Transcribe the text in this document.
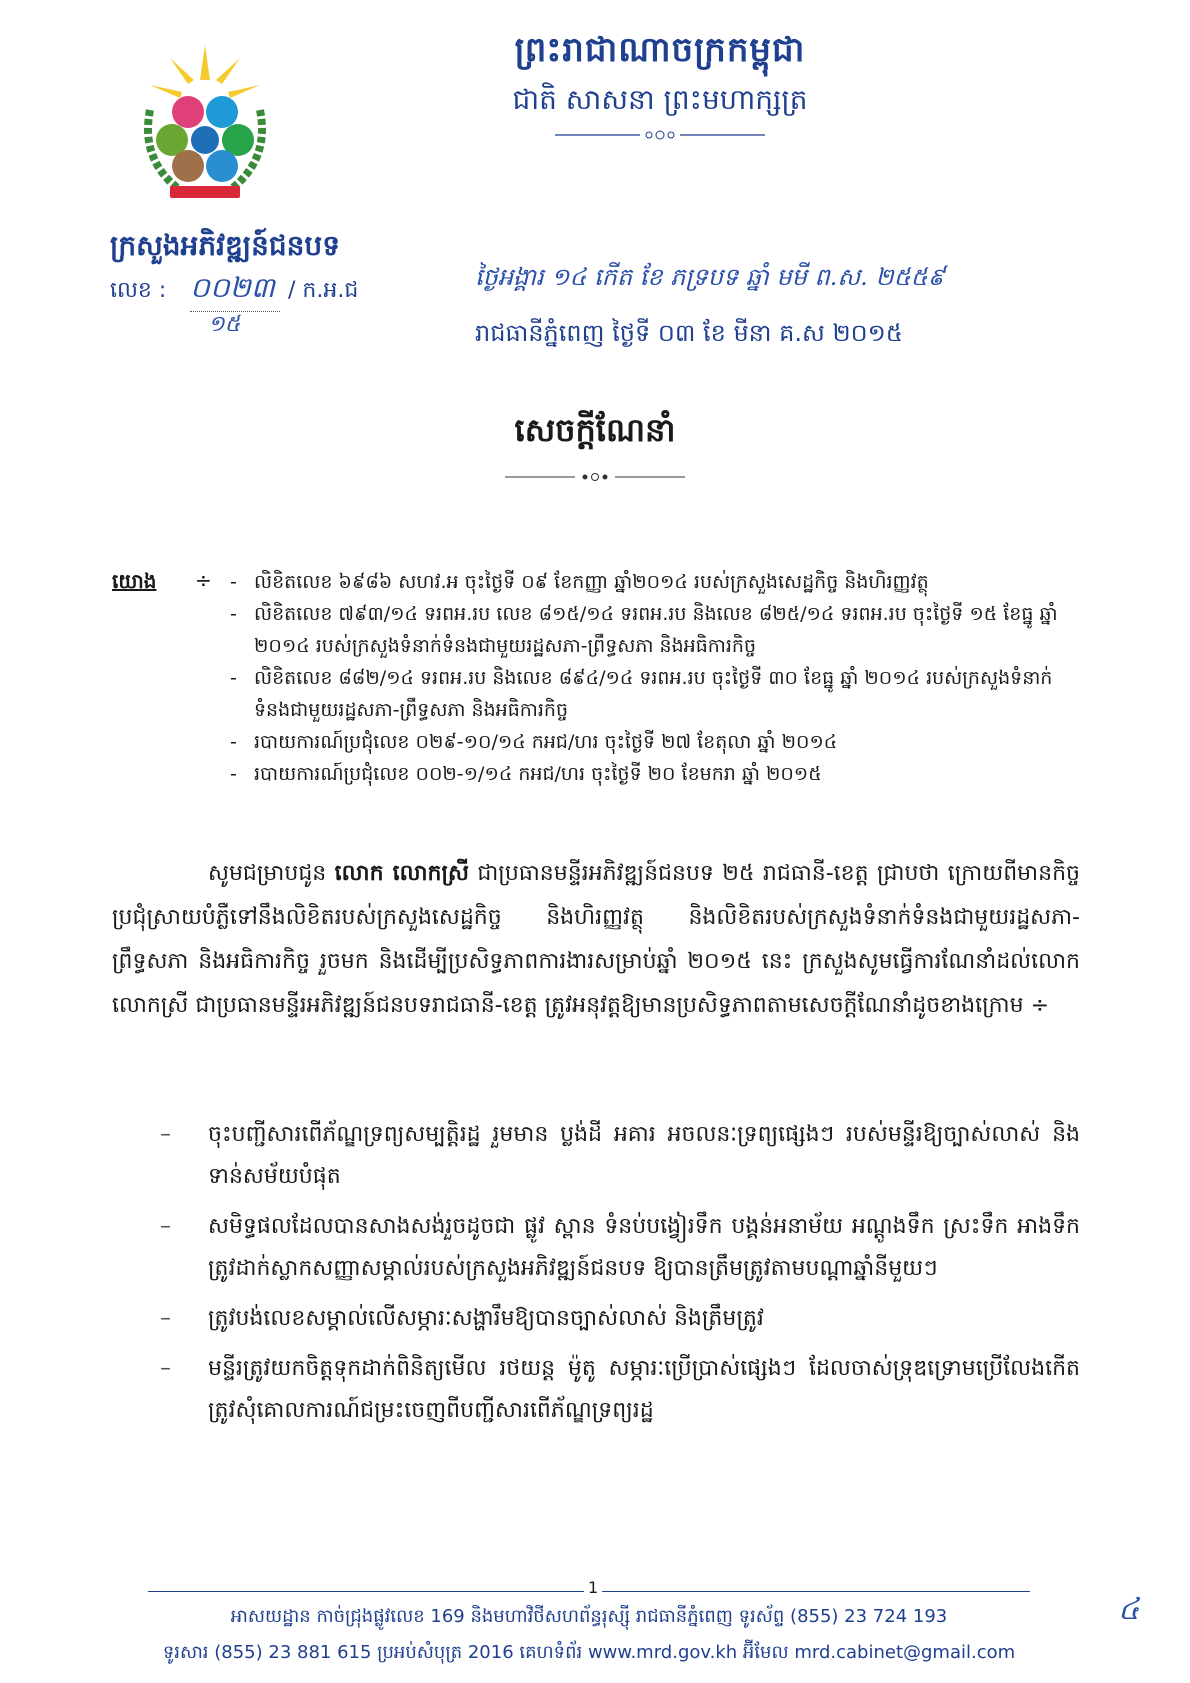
ព្រះរាជាណាចក្រកម្ពុជា
ជាតិ សាសនា ព្រះមហាក្សត្រ
ក្រសួងអភិវឌ្ឍន៍ជនបទ
លេខ : ០០២៣ / ក.អ.ជ
១៥
ថ្ងៃអង្គារ ១៤ កើត ខែ ភទ្របទ ឆ្នាំ មមី ព.ស. ២៥៥៩
រាជធានីភ្នំពេញ ថ្ងៃទី ០៣ ខែ មីនា គ.ស ២០១៥
សេចក្ដីណែនាំ
យោង ÷
-	លិខិតលេខ ៦៩៨៦ សហវ.អ ចុះថ្ងៃទី ០៩ ខែកញ្ញា ឆ្នាំ២០១៤ របស់ក្រសួងសេដ្ឋកិច្ច និងហិរញ្ញវត្ថុ
- លិខិតលេខ ៧៩៣/១៤ ទរពអ.រប លេខ ៨១៥/១៤ ទរពអ.រប និងលេខ ៨២៥/១៤ ទរពអ.រប ចុះថ្ងៃទី ១៥ ខែធ្នូ ឆ្នាំ ២០១៤ របស់ក្រសួងទំនាក់ទំនងជាមួយរដ្ឋសភា-ព្រឹទ្ធសភា និងអធិការកិច្ច
- លិខិតលេខ ៨៨២/១៤ ទរពអ.រប និងលេខ ៨៩៤/១៤ ទរពអ.រប ចុះថ្ងៃទី ៣០ ខែធ្នូ ឆ្នាំ ២០១៤ របស់ក្រសួងទំនាក់ទំនងជាមួយរដ្ឋសភា-ព្រឹទ្ធសភា និងអធិការកិច្ច
- របាយការណ៍ប្រជុំលេខ ០២៩-១០/១៤ កអជ/ហរ ចុះថ្ងៃទី ២៧ ខែតុលា ឆ្នាំ ២០១៤
- របាយការណ៍ប្រជុំលេខ ០០២-១/១៤ កអជ/ហរ ចុះថ្ងៃទី ២០ ខែមករា ឆ្នាំ ២០១៥
សូមជម្រាបជូន លោក លោកស្រី ជាប្រធានមន្ទីរអភិវឌ្ឍន៍ជនបទ ២៥ រាជធានី-ខេត្ត ជ្រាបថា ក្រោយពីមានកិច្ចប្រជុំស្រាយបំភ្លឺទៅនឹងលិខិតរបស់ក្រសួងសេដ្ឋកិច្ច និងហិរញ្ញវត្ថុ និងលិខិតរបស់ក្រសួងទំនាក់ទំនងជាមួយរដ្ឋសភា-ព្រឹទ្ធសភា និងអធិការកិច្ច រួចមក និងដើម្បីប្រសិទ្ធភាពការងារសម្រាប់ឆ្នាំ ២០១៥ នេះ ក្រសួងសូមធ្វើការណែនាំដល់លោក លោកស្រី ជាប្រធានមន្ទីរអភិវឌ្ឍន៍ជនបទរាជធានី-ខេត្ត ត្រូវអនុវត្តឱ្យមានប្រសិទ្ធភាពតាមសេចក្ដីណែនាំដូចខាងក្រោម ÷
– ចុះបញ្ជីសារពើភ័ណ្ឌទ្រព្យសម្បត្តិរដ្ឋ រួមមាន ប្លង់ដី អគារ អចលនៈទ្រព្យផ្សេងៗ របស់មន្ទីរឱ្យច្បាស់លាស់ និងទាន់សម័យបំផុត
– សមិទ្ធផលដែលបានសាងសង់រួចដូចជា ផ្លូវ ស្ពាន ទំនប់បង្វៀរទឹក បង្គន់អនាម័យ អណ្ដូងទឹក ស្រះទឹក អាងទឹក ត្រូវដាក់ស្លាកសញ្ញាសម្គាល់របស់ក្រសួងអភិវឌ្ឍន៍ជនបទ ឱ្យបានត្រឹមត្រូវតាមបណ្ដាឆ្នាំនីមួយៗ
– ត្រូវបង់លេខសម្គាល់លើសម្ភារៈសង្ហារឹមឱ្យបានច្បាស់លាស់ និងត្រឹមត្រូវ
– មន្ទីរត្រូវយកចិត្តទុកដាក់ពិនិត្យមើល រថយន្ត ម៉ូតូ សម្ភារៈប្រើប្រាស់ផ្សេងៗ ដែលចាស់ទ្រុឌទ្រោមប្រើលែងកើត ត្រូវសុំគោលការណ៍ជម្រះចេញពីបញ្ជីសារពើភ័ណ្ឌទ្រព្យរដ្ឋ
1
អាសយដ្ឋាន កាច់ជ្រុងផ្លូវលេខ 169 និងមហាវិថីសហព័ន្ធរុស្ស៊ី រាជធានីភ្នំពេញ ទូរស័ព្ទ (855) 23 724 193
ទូរសារ (855) 23 881 615 ប្រអប់សំបុត្រ 2016 គេហទំព័រ www.mrd.gov.kh អ៊ីមែល mrd.cabinet@gmail.com
៤
